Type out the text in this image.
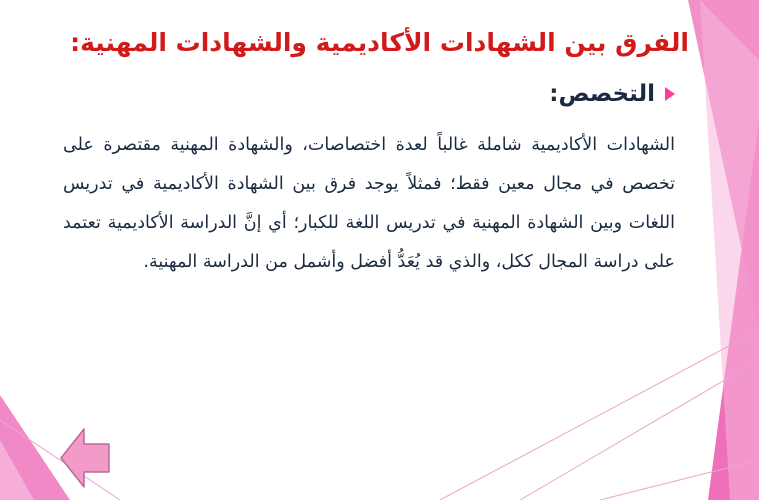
الفرق بين الشهادات الأكاديمية والشهادات المهنية:
التخصص:

الشهادات الأكاديمية شاملة غالباً لعدة اختصاصات، والشهادة المهنية مقتصرة على تخصص في مجال معين فقط؛ فمثلاً يوجد فرق بين الشهادة الأكاديمية في تدريس اللغات وبين الشهادة المهنية في تدريس اللغة للكبار؛ أي إنَّ الدراسة الأكاديمية تعتمد على دراسة المجال ككل، والذي قد يُعَدُّ أفضل وأشمل من الدراسة المهنية.
